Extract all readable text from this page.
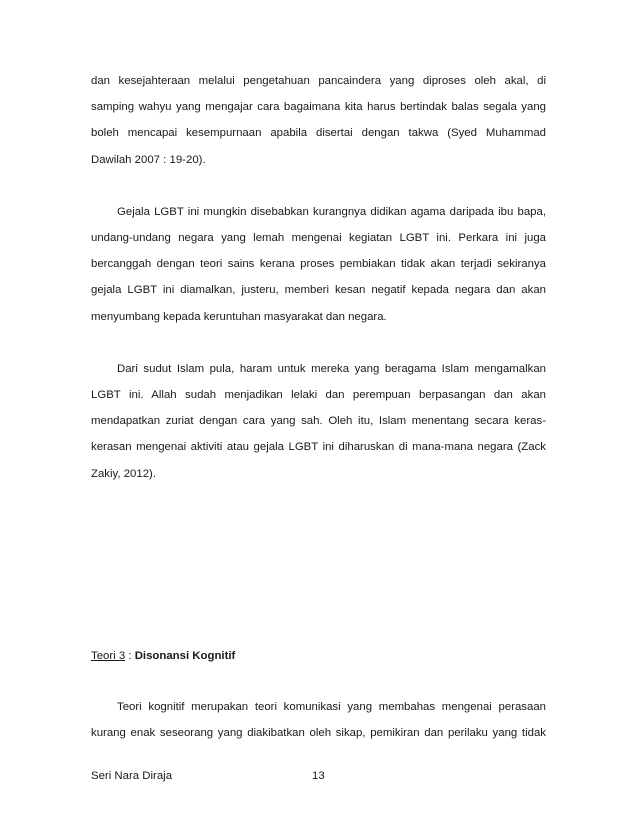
dan kesejahteraan melalui pengetahuan pancaindera yang diproses oleh akal, di
samping wahyu yang mengajar cara bagaimana kita harus bertindak balas segala yang
boleh mencapai kesempurnaan apabila disertai dengan takwa (Syed Muhammad
Dawilah 2007 : 19-20).

Gejala LGBT ini mungkin disebabkan kurangnya didikan agama daripada ibu bapa,
undang-undang negara yang lemah mengenai kegiatan LGBT ini. Perkara ini juga
bercanggah dengan teori sains kerana proses pembiakan tidak akan terjadi sekiranya
gejala LGBT ini diamalkan, justeru, memberi kesan negatif kepada negara dan akan
menyumbang kepada keruntuhan masyarakat dan negara.

Dari sudut Islam pula, haram untuk mereka yang beragama Islam mengamalkan
LGBT ini. Allah sudah menjadikan lelaki dan perempuan berpasangan dan akan
mendapatkan zuriat dengan cara yang sah. Oleh itu, Islam menentang secara keras-
kerasan mengenai aktiviti atau gejala LGBT ini diharuskan di mana-mana negara (Zack
Zakiy, 2012).

Teori 3 : Disonansi Kognitif

Teori kognitif merupakan teori komunikasi yang membahas mengenai perasaan
kurang enak seseorang yang diakibatkan oleh sikap, pemikiran dan perilaku yang tidak

Seri Nara Diraja	13
